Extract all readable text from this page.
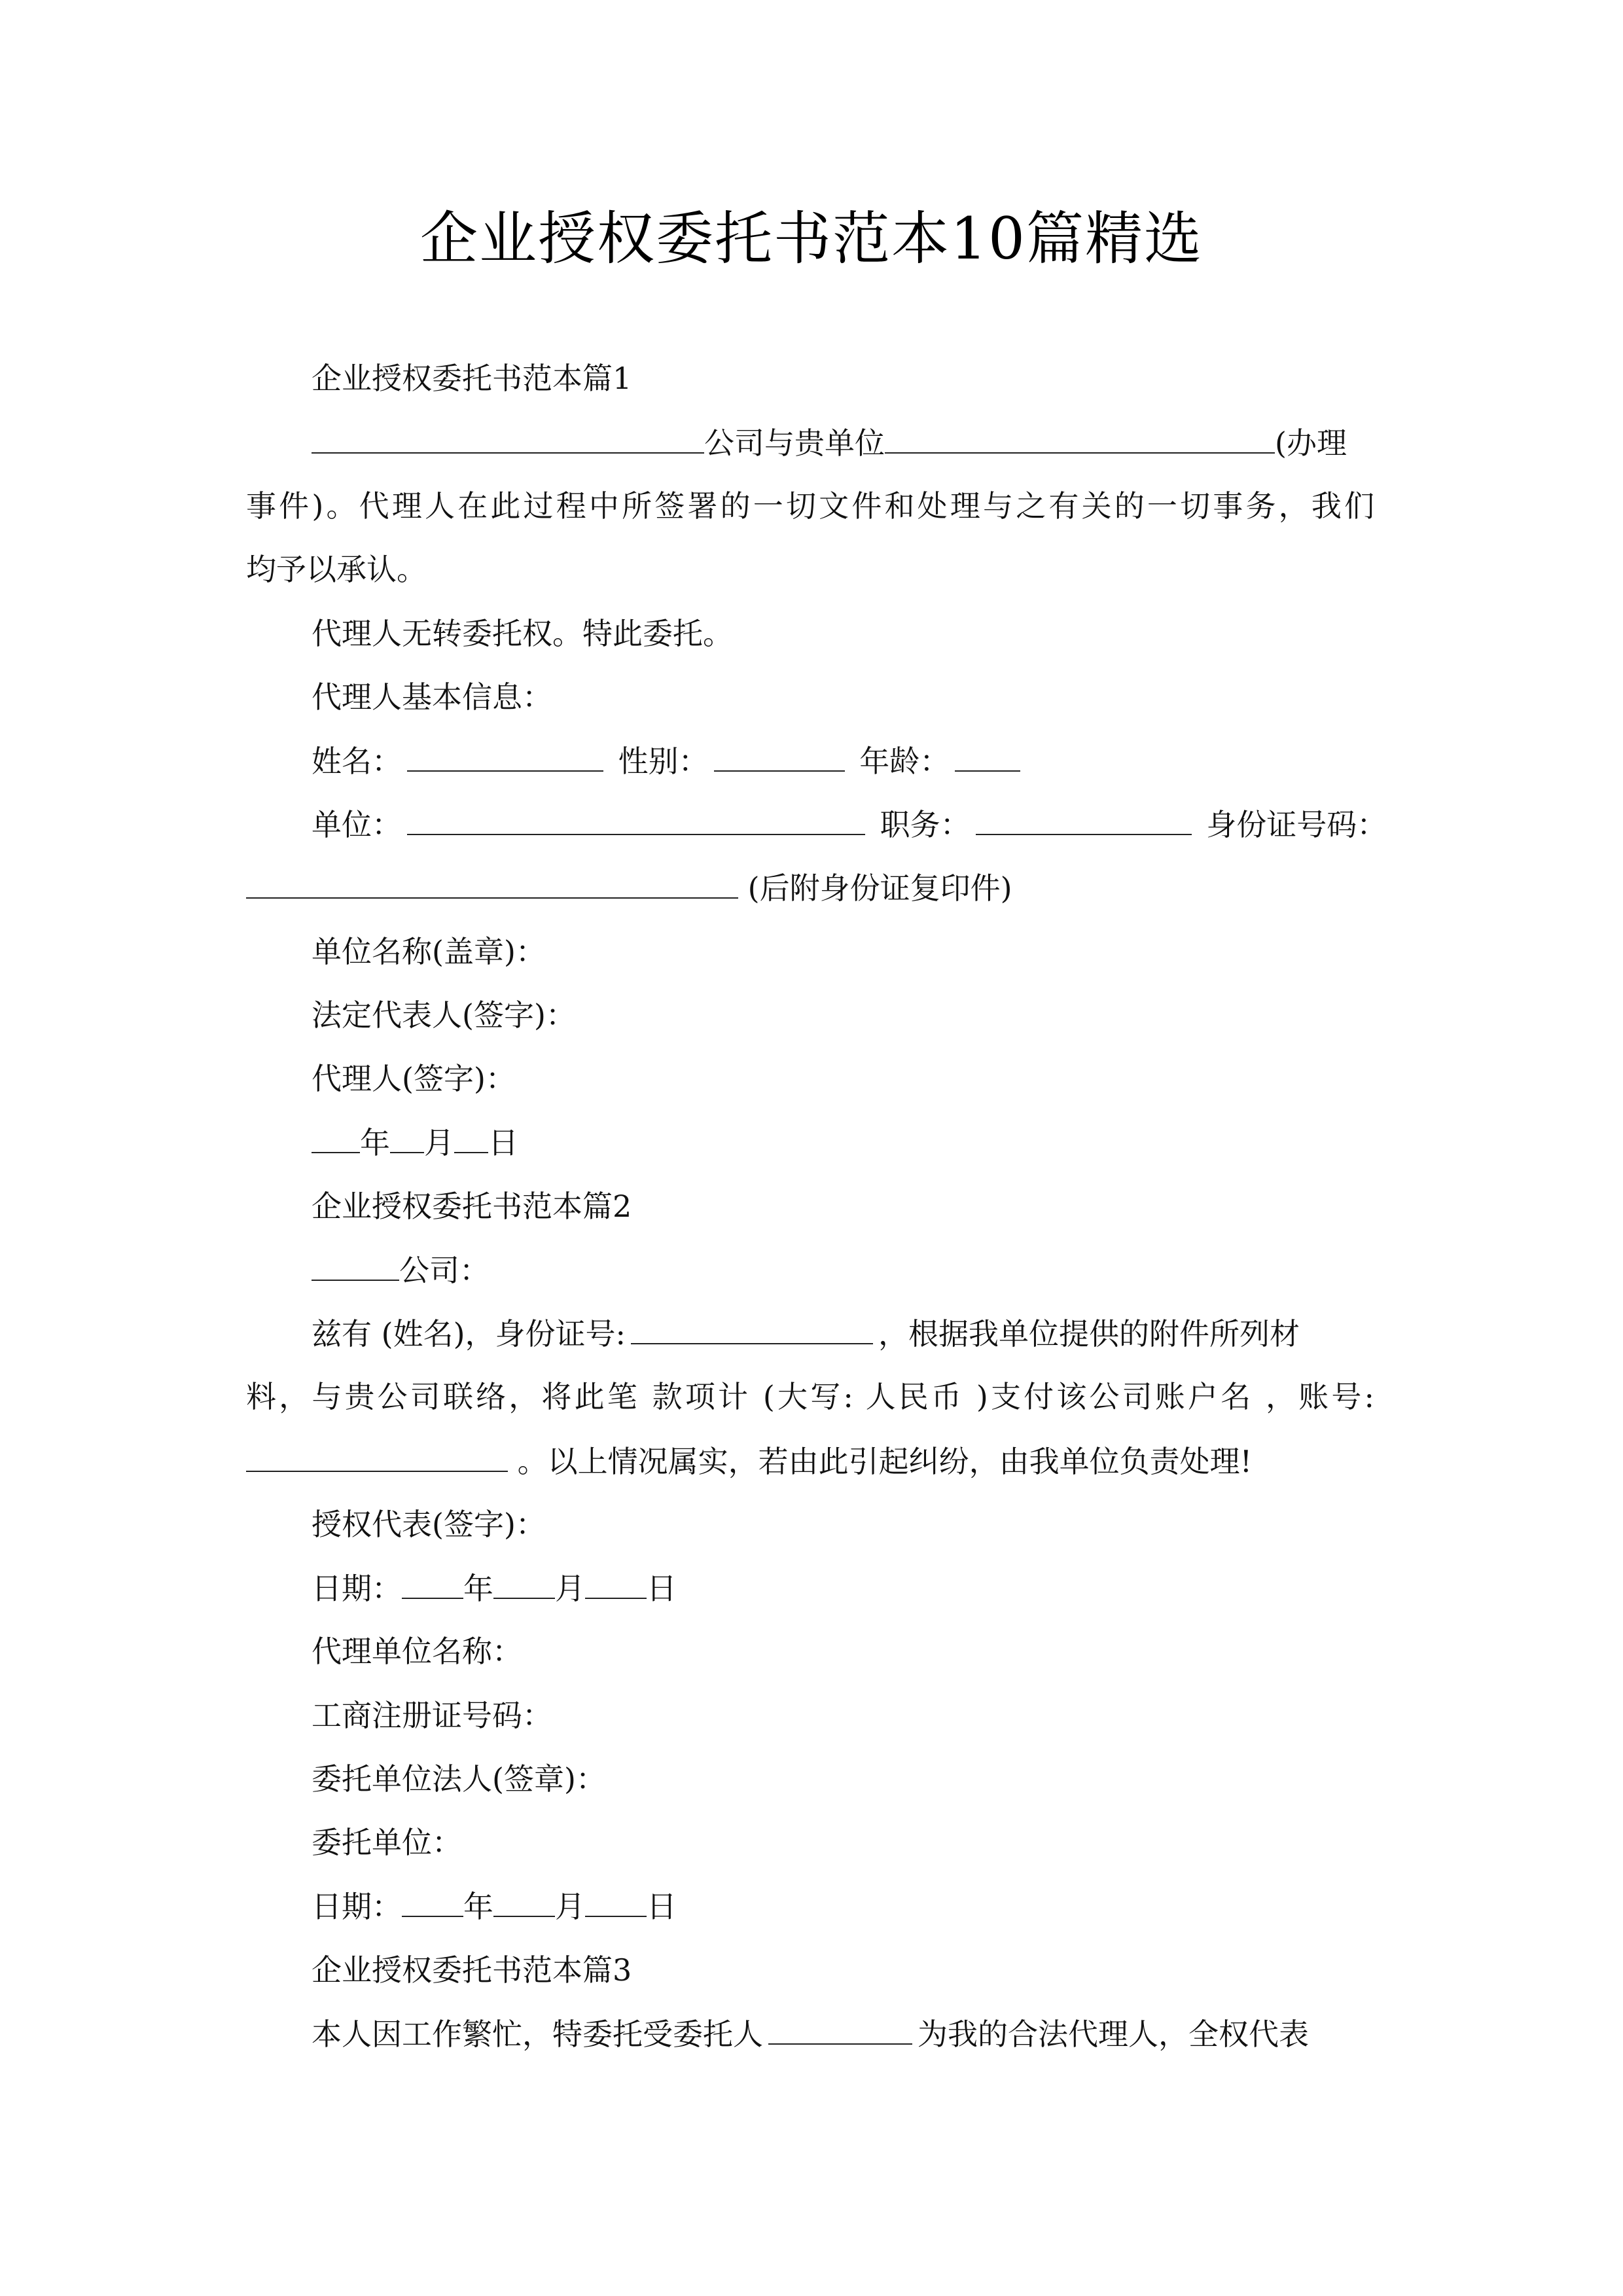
企业授权委托书范本10篇精选
企业授权委托书范本篇1
公司与贵单位	(办理
事件)。代理人在此过程中所签署的一切文件和处理与之有关的一切事务，我们
均予以承认。
代理人无转委托权。特此委托。
代理人基本信息：
姓名：	性别：	年龄：
单位：	职务：	身份证号码：
(后附身份证复印件)
单位名称(盖章)：
法定代表人(签字)：
代理人(签字)：
年 月 日
企业授权委托书范本篇2
公司：
兹有 (姓名)，身份证号:	，根据我单位提供的附件所列材
料，与贵公司联络，将此笔 款项计 (大写: 人民币 )支付该公司账户名 ，账号:
。以上情况属实，若由此引起纠纷，由我单位负责处理!
授权代表(签字)：
日期： 年 月 日
代理单位名称：
工商注册证号码：
委托单位法人(签章)：
委托单位：
日期： 年 月 日
企业授权委托书范本篇3
本人因工作繁忙，特委托受委托人	为我的合法代理人，全权代表
